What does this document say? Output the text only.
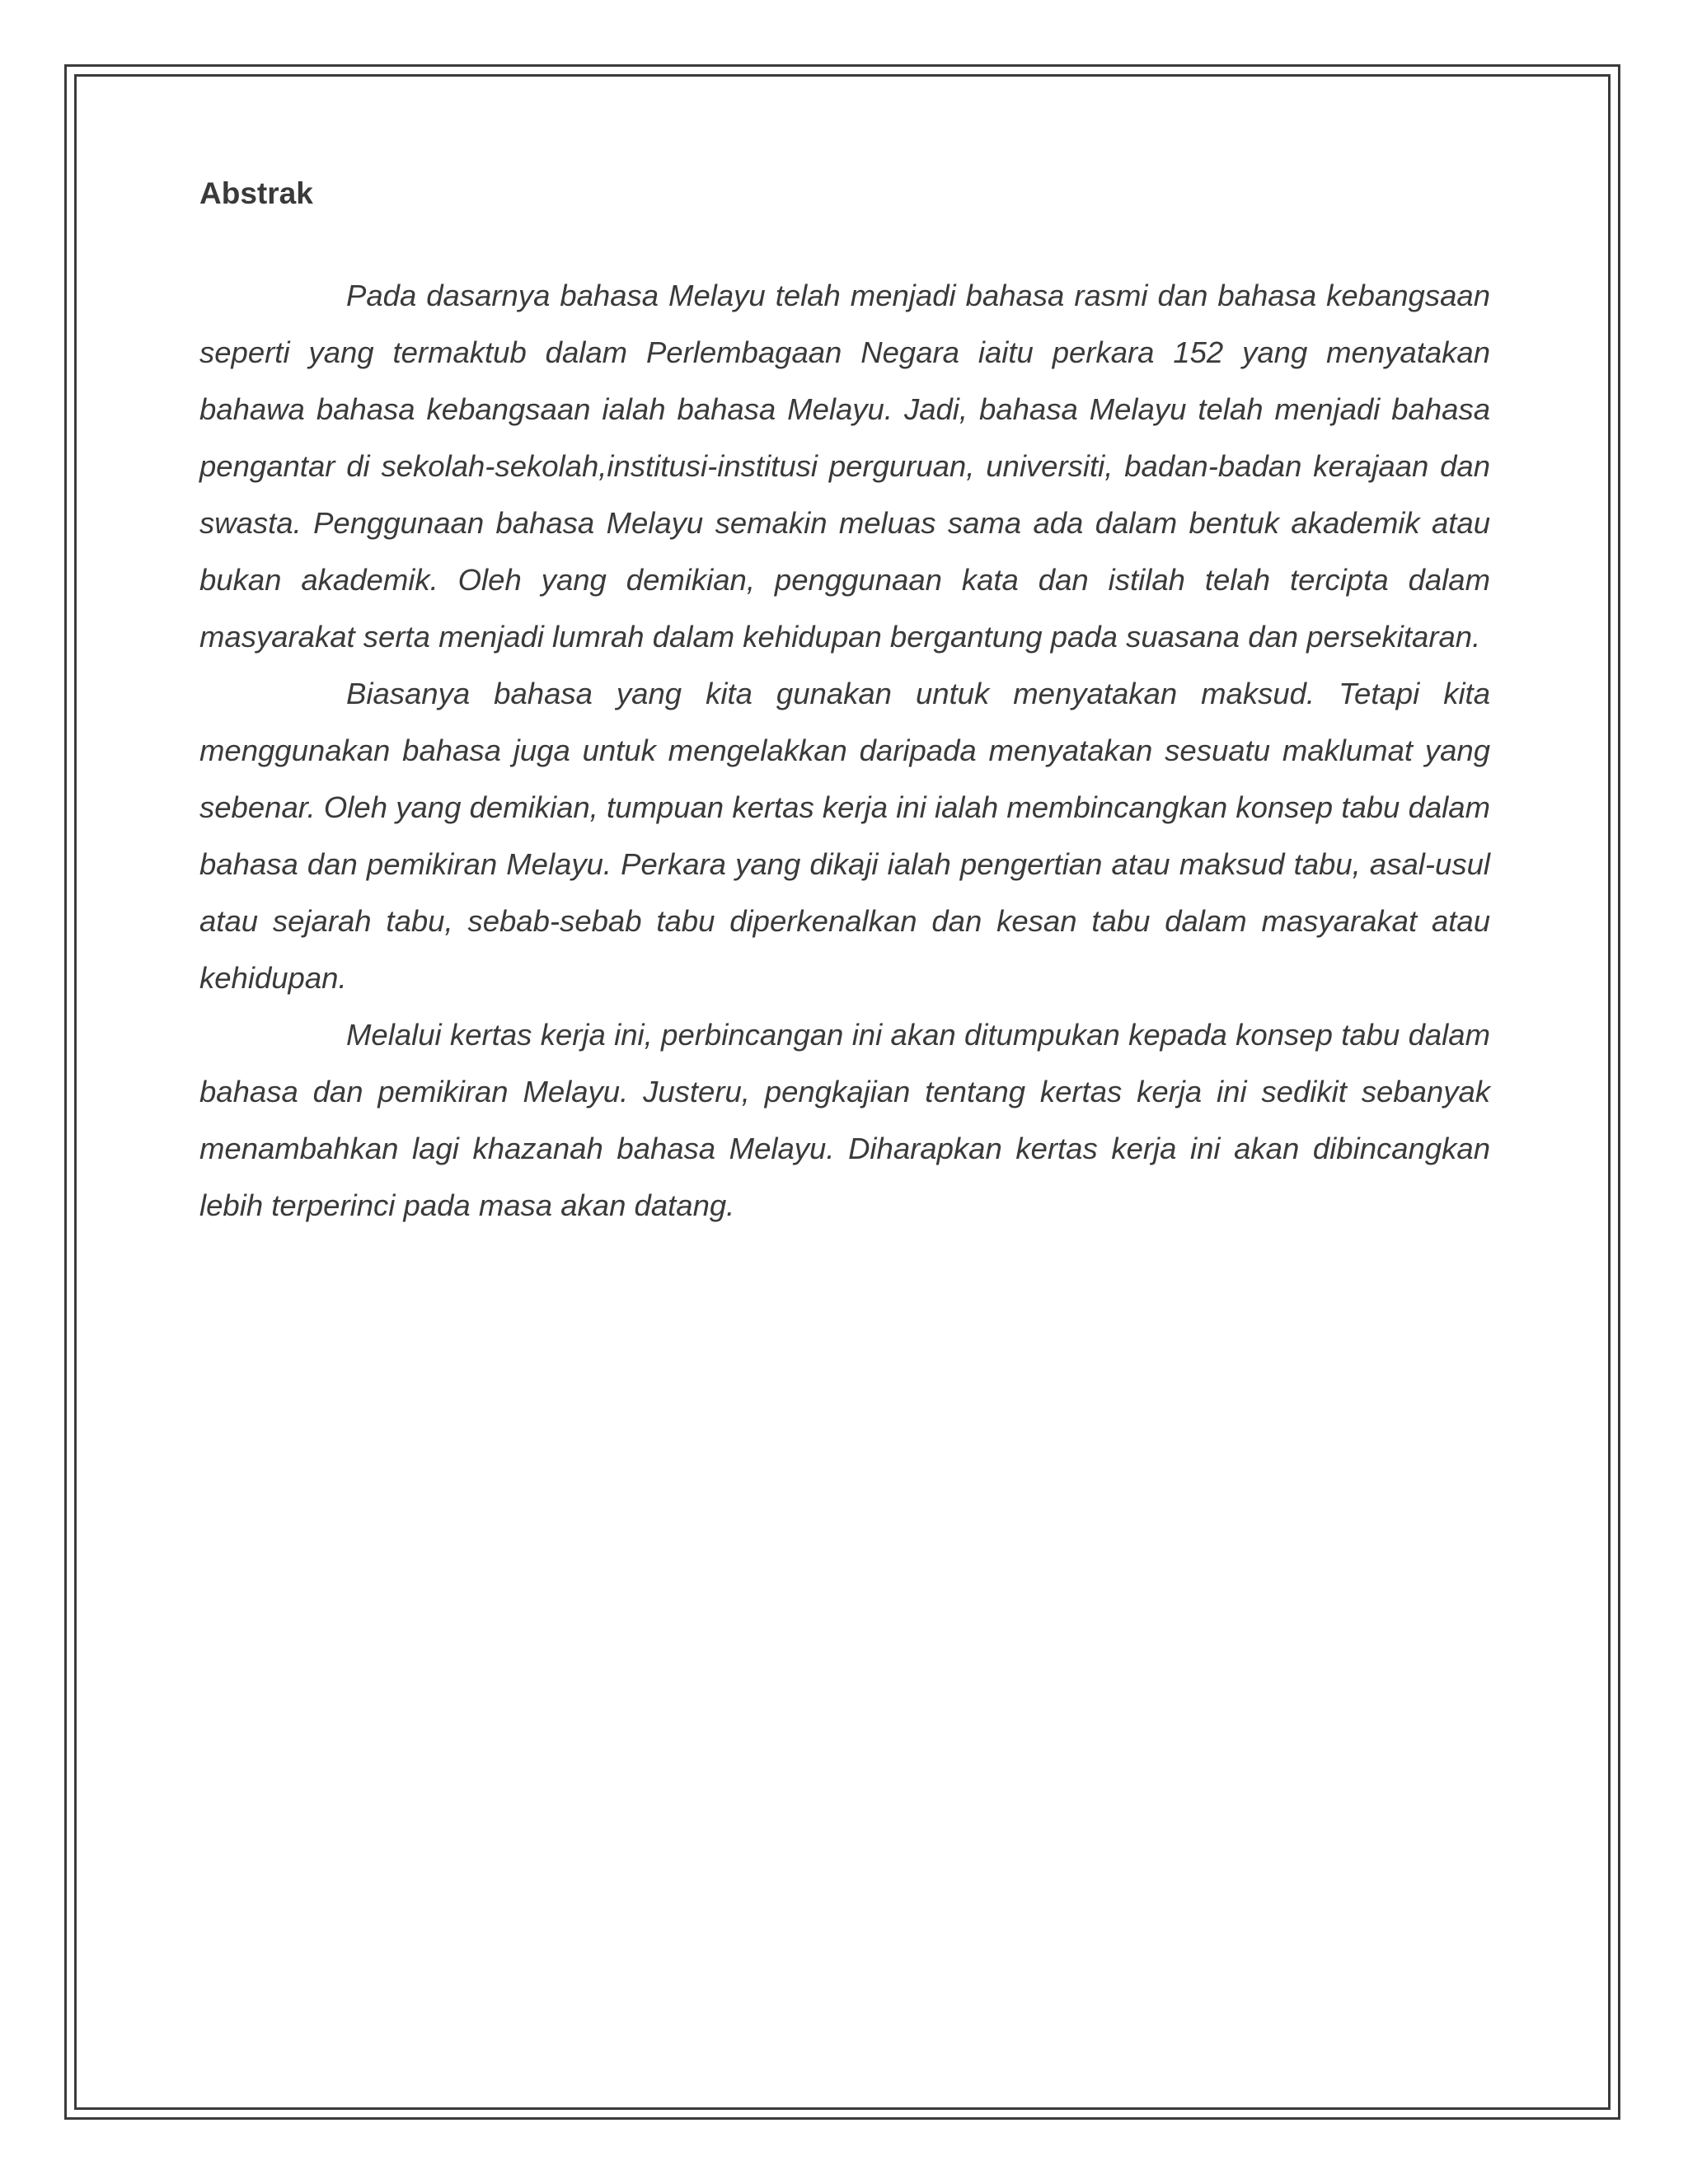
Abstrak

Pada dasarnya bahasa Melayu telah menjadi bahasa rasmi dan bahasa kebangsaan seperti yang termaktub dalam Perlembagaan Negara iaitu perkara 152 yang menyatakan bahawa bahasa kebangsaan ialah bahasa Melayu. Jadi, bahasa Melayu telah menjadi bahasa pengantar di sekolah-sekolah,institusi-institusi perguruan, universiti, badan-badan kerajaan dan swasta. Penggunaan bahasa Melayu semakin meluas sama ada dalam bentuk akademik atau bukan akademik. Oleh yang demikian, penggunaan kata dan istilah telah tercipta dalam masyarakat serta menjadi lumrah dalam kehidupan bergantung pada suasana dan persekitaran.

Biasanya bahasa yang kita gunakan untuk menyatakan maksud. Tetapi kita menggunakan bahasa juga untuk mengelakkan daripada menyatakan sesuatu maklumat yang sebenar. Oleh yang demikian, tumpuan kertas kerja ini ialah membincangkan konsep tabu dalam bahasa dan pemikiran Melayu. Perkara yang dikaji ialah pengertian atau maksud tabu, asal-usul atau sejarah tabu, sebab-sebab tabu diperkenalkan dan kesan tabu dalam masyarakat atau kehidupan.

Melalui kertas kerja ini, perbincangan ini akan ditumpukan kepada konsep tabu dalam bahasa dan pemikiran Melayu. Justeru, pengkajian tentang kertas kerja ini sedikit sebanyak menambahkan lagi khazanah bahasa Melayu. Diharapkan kertas kerja ini akan dibincangkan lebih terperinci pada masa akan datang.
